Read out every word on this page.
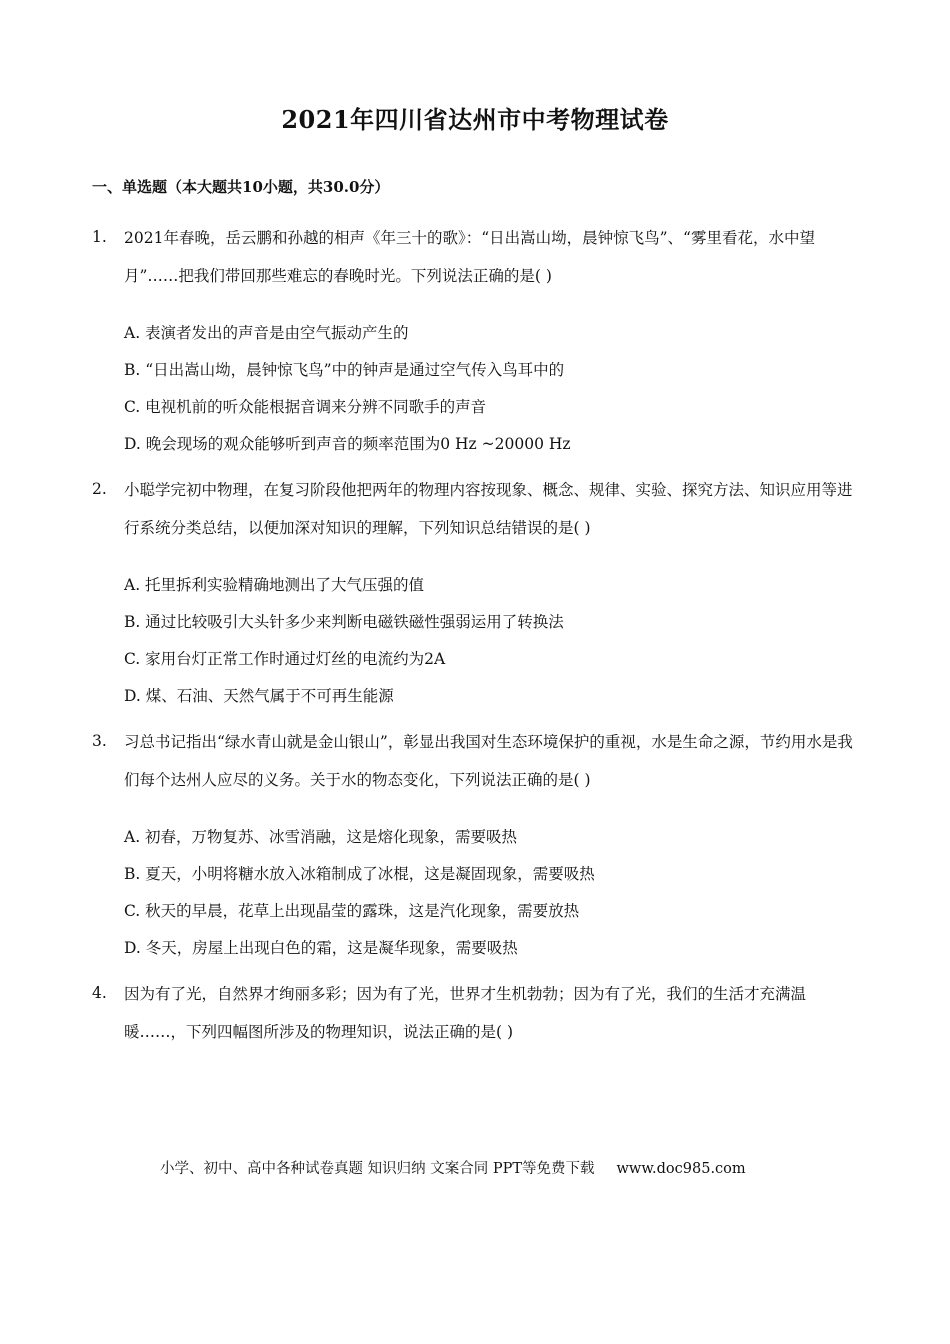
2021年四川省达州市中考物理试卷
一、单选题（本大题共10小题，共30.0分）
1. 2021年春晚，岳云鹏和孙越的相声《年三十的歌》：“日出嵩山坳，晨钟惊飞鸟”、“雾里看花，水中望月”……把我们带回那些难忘的春晚时光。下列说法正确的是( )
A. 表演者发出的声音是由空气振动产生的
B. “日出嵩山坳，晨钟惊飞鸟”中的钟声是通过空气传入鸟耳中的
C. 电视机前的听众能根据音调来分辨不同歌手的声音
D. 晚会现场的观众能够听到声音的频率范围为0 Hz ~20000 Hz
2. 小聪学完初中物理，在复习阶段他把两年的物理内容按现象、概念、规律、实验、探究方法、知识应用等进行系统分类总结，以便加深对知识的理解，下列知识总结错误的是( )
A. 托里拆利实验精确地测出了大气压强的值
B. 通过比较吸引大头针多少来判断电磁铁磁性强弱运用了转换法
C. 家用台灯正常工作时通过灯丝的电流约为2A
D. 煤、石油、天然气属于不可再生能源
3. 习总书记指出“绿水青山就是金山银山”，彰显出我国对生态环境保护的重视，水是生命之源，节约用水是我们每个达州人应尽的义务。关于水的物态变化，下列说法正确的是( )
A. 初春，万物复苏、冰雪消融，这是熔化现象，需要吸热
B. 夏天，小明将糖水放入冰箱制成了冰棍，这是凝固现象，需要吸热
C. 秋天的早晨，花草上出现晶莹的露珠，这是汽化现象，需要放热
D. 冬天，房屋上出现白色的霜，这是凝华现象，需要吸热
4. 因为有了光，自然界才绚丽多彩；因为有了光，世界才生机勃勃；因为有了光，我们的生活才充满温暖……，下列四幅图所涉及的物理知识，说法正确的是( )
小学、初中、高中各种试卷真题 知识归纳 文案合同 PPT等免费下载 www.doc985.com
